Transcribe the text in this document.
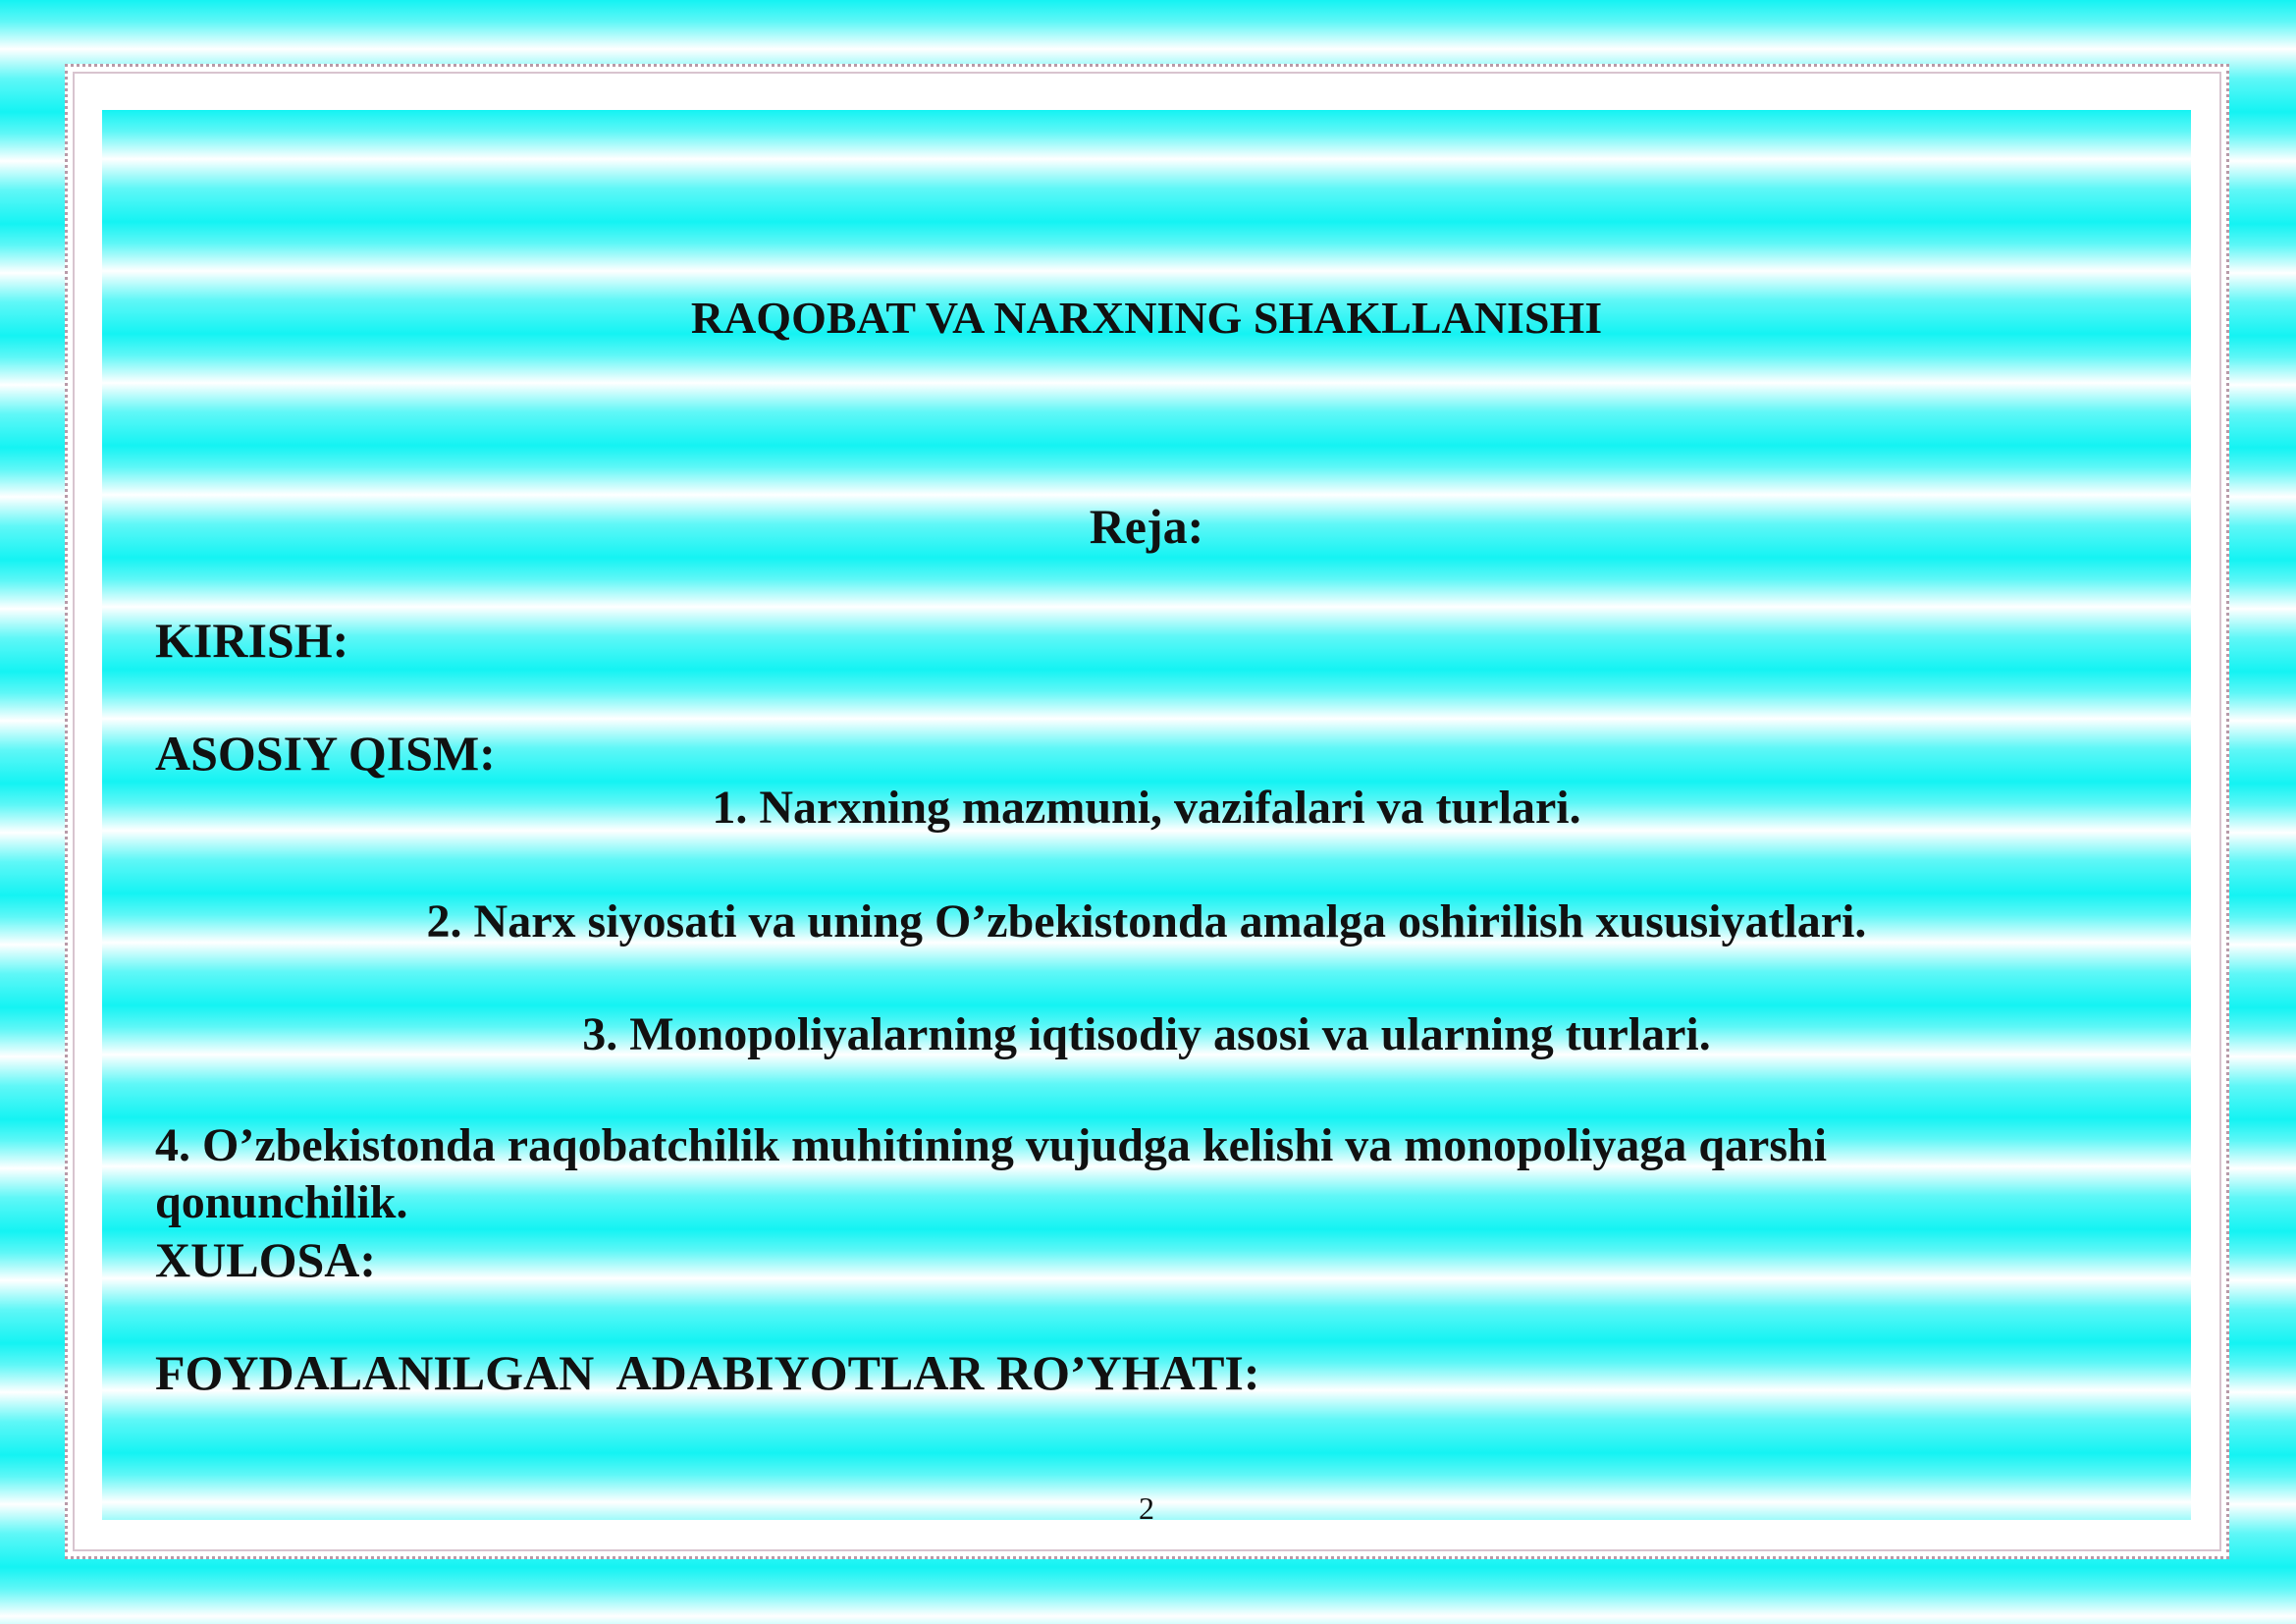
RAQOBAT VA NARXNING SHAKLLANISHI

Reja:

KIRISH:

ASOSIY QISM:

1. Narxning mazmuni, vazifalari va turlari.

2. Narx siyosati va uning O’zbekistonda amalga oshirilish xususiyatlari.

3. Monopoliyalarning iqtisodiy asosi va ularning turlari.

4. O’zbekistonda raqobatchilik muhitining vujudga kelishi va monopoliyaga qarshi qonunchilik.

XULOSA:

FOYDALANILGAN  ADABIYOTLAR RO’YHATI:

2
